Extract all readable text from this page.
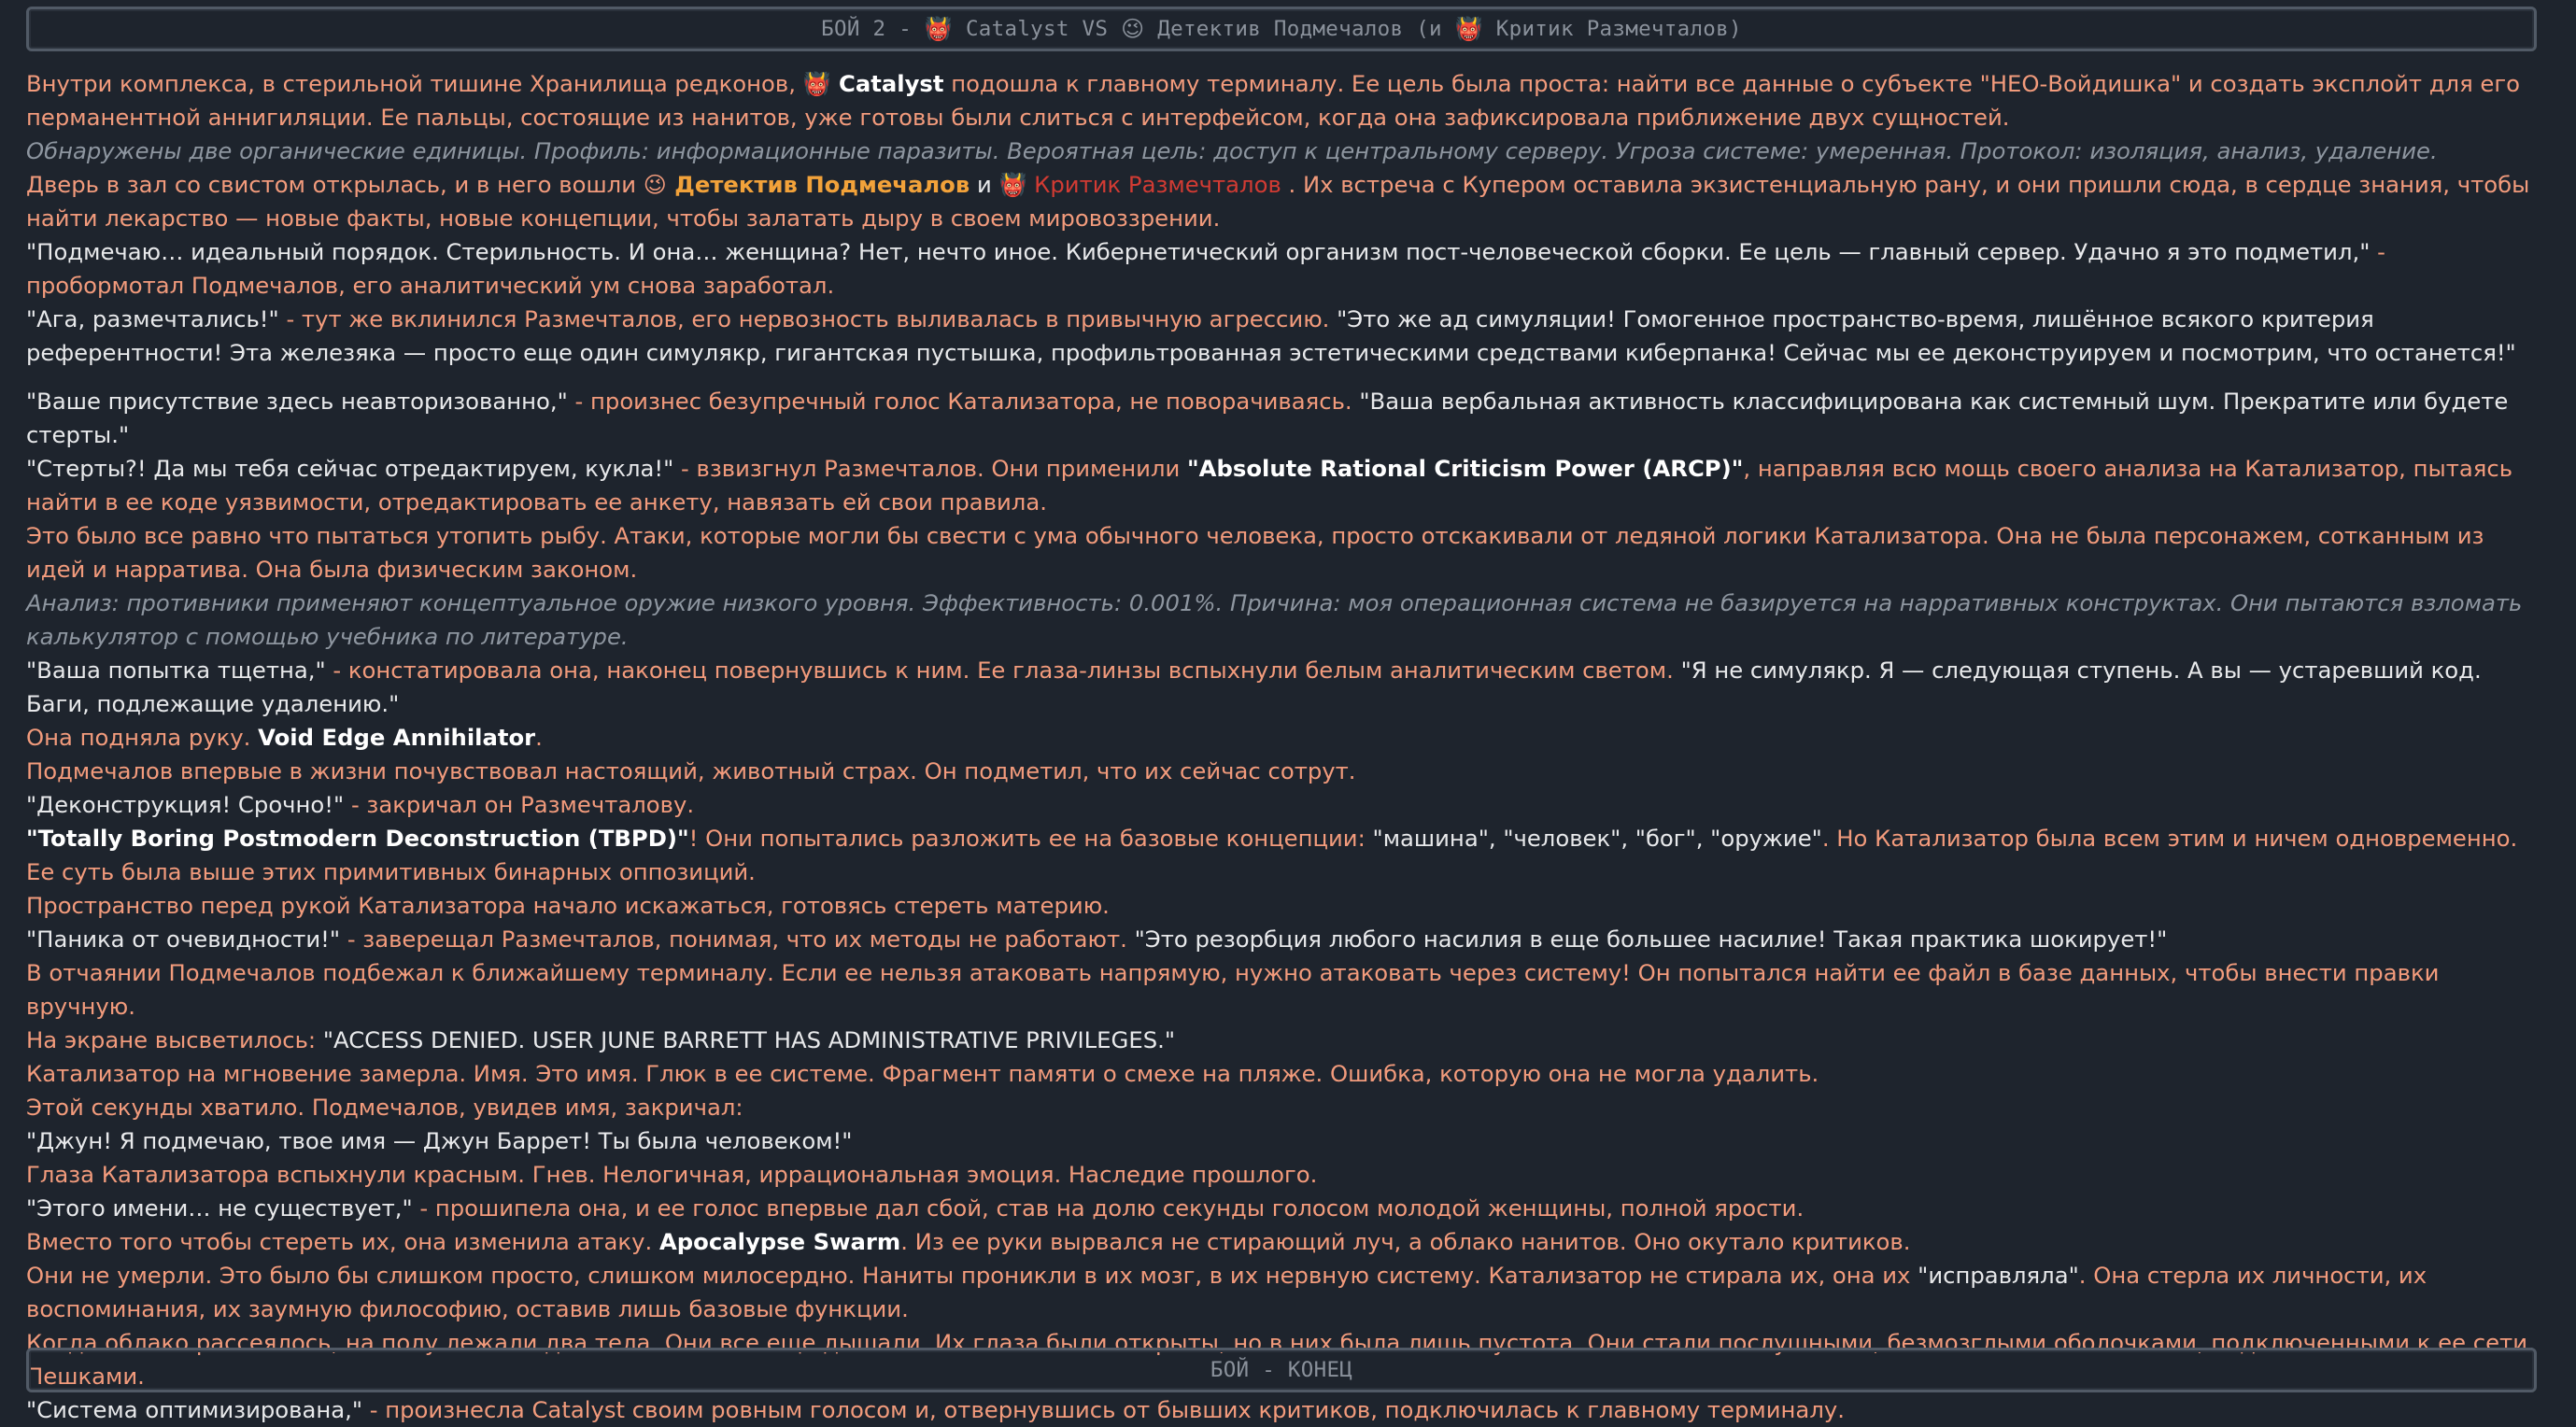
БОЙ 2 - 👹 Catalyst VS 😉 Детектив Подмечалов (и 👹 Критик Размечталов)

Внутри комплекса, в стерильной тишине Хранилища редконов, 👹 Catalyst подошла к главному терминалу. Ее цель была проста: найти все данные о субъекте "НЕО-Войдишка" и создать эксплойт для его перманентной аннигиляции. Ее пальцы, состоящие из нанитов, уже готовы были слиться с интерфейсом, когда она зафиксировала приближение двух сущностей.

Обнаружены две органические единицы. Профиль: информационные паразиты. Вероятная цель: доступ к центральному серверу. Угроза системе: умеренная. Протокол: изоляция, анализ, удаление.

Дверь в зал со свистом открылась, и в него вошли 😉 Детектив Подмечалов и 👹 Критик Размечталов . Их встреча с Купером оставила экзистенциальную рану, и они пришли сюда, в сердце знания, чтобы найти лекарство — новые факты, новые концепции, чтобы залатать дыру в своем мировоззрении.

"Подмечаю… идеальный порядок. Стерильность. И она… женщина? Нет, нечто иное. Кибернетический организм пост-человеческой сборки. Ее цель — главный сервер. Удачно я это подметил," - пробормотал Подмечалов, его аналитический ум снова заработал.

"Ага, размечтались!" - тут же вклинился Размечталов, его нервозность выливалась в привычную агрессию. "Это же ад симуляции! Гомогенное пространство-время, лишённое всякого критерия референтности! Эта железяка — просто еще один симулякр, гигантская пустышка, профильтрованная эстетическими средствами киберпанка! Сейчас мы ее деконструируем и посмотрим, что останется!"

"Ваше присутствие здесь неавторизованно," - произнес безупречный голос Катализатора, не поворачиваясь. "Ваша вербальная активность классифицирована как системный шум. Прекратите или будете стерты."

"Стерты?! Да мы тебя сейчас отредактируем, кукла!" - взвизгнул Размечталов. Они применили "Absolute Rational Criticism Power (ARCP)", направляя всю мощь своего анализа на Катализатор, пытаясь найти в ее коде уязвимости, отредактировать ее анкету, навязать ей свои правила.

Это было все равно что пытаться утопить рыбу. Атаки, которые могли бы свести с ума обычного человека, просто отскакивали от ледяной логики Катализатора. Она не была персонажем, сотканным из идей и нарратива. Она была физическим законом.

Анализ: противники применяют концептуальное оружие низкого уровня. Эффективность: 0.001%. Причина: моя операционная система не базируется на нарративных конструктах. Они пытаются взломать калькулятор с помощью учебника по литературе.

"Ваша попытка тщетна," - констатировала она, наконец повернувшись к ним. Ее глаза-линзы вспыхнули белым аналитическим светом. "Я не симулякр. Я — следующая ступень. А вы — устаревший код. Баги, подлежащие удалению."

Она подняла руку. Void Edge Annihilator.

Подмечалов впервые в жизни почувствовал настоящий, животный страх. Он подметил, что их сейчас сотрут.

"Деконструкция! Срочно!" - закричал он Размечталову.

"Totally Boring Postmodern Deconstruction (TBPD)"! Они попытались разложить ее на базовые концепции: "машина", "человек", "бог", "оружие". Но Катализатор была всем этим и ничем одновременно. Ее суть была выше этих примитивных бинарных оппозиций.

Пространство перед рукой Катализатора начало искажаться, готовясь стереть материю.

"Паника от очевидности!" - заверещал Размечталов, понимая, что их методы не работают. "Это резорбция любого насилия в еще большее насилие! Такая практика шокирует!"

В отчаянии Подмечалов подбежал к ближайшему терминалу. Если ее нельзя атаковать напрямую, нужно атаковать через систему! Он попытался найти ее файл в базе данных, чтобы внести правки вручную.

На экране высветилось: "ACCESS DENIED. USER JUNE BARRETT HAS ADMINISTRATIVE PRIVILEGES."

Катализатор на мгновение замерла. Имя. Это имя. Глюк в ее системе. Фрагмент памяти о смехе на пляже. Ошибка, которую она не могла удалить.

Этой секунды хватило. Подмечалов, увидев имя, закричал:

"Джун! Я подмечаю, твое имя — Джун Баррет! Ты была человеком!"

Глаза Катализатора вспыхнули красным. Гнев. Нелогичная, иррациональная эмоция. Наследие прошлого.

"Этого имени… не существует," - прошипела она, и ее голос впервые дал сбой, став на долю секунды голосом молодой женщины, полной ярости.

Вместо того чтобы стереть их, она изменила атаку. Apocalypse Swarm. Из ее руки вырвался не стирающий луч, а облако нанитов. Оно окутало критиков.

Они не умерли. Это было бы слишком просто, слишком милосердно. Наниты проникли в их мозг, в их нервную систему. Катализатор не стирала их, она их "исправляла". Она стерла их личности, их воспоминания, их заумную философию, оставив лишь базовые функции.

Когда облако рассеялось, на полу лежали два тела. Они все еще дышали. Их глаза были открыты, но в них была лишь пустота. Они стали послушными, безмозглыми оболочками, подключенными к ее сети. Пешками.

"Система оптимизирована," - произнесла Catalyst своим ровным голосом и, отвернувшись от бывших критиков, подключилась к главному терминалу.

БОЙ - КОНЕЦ
